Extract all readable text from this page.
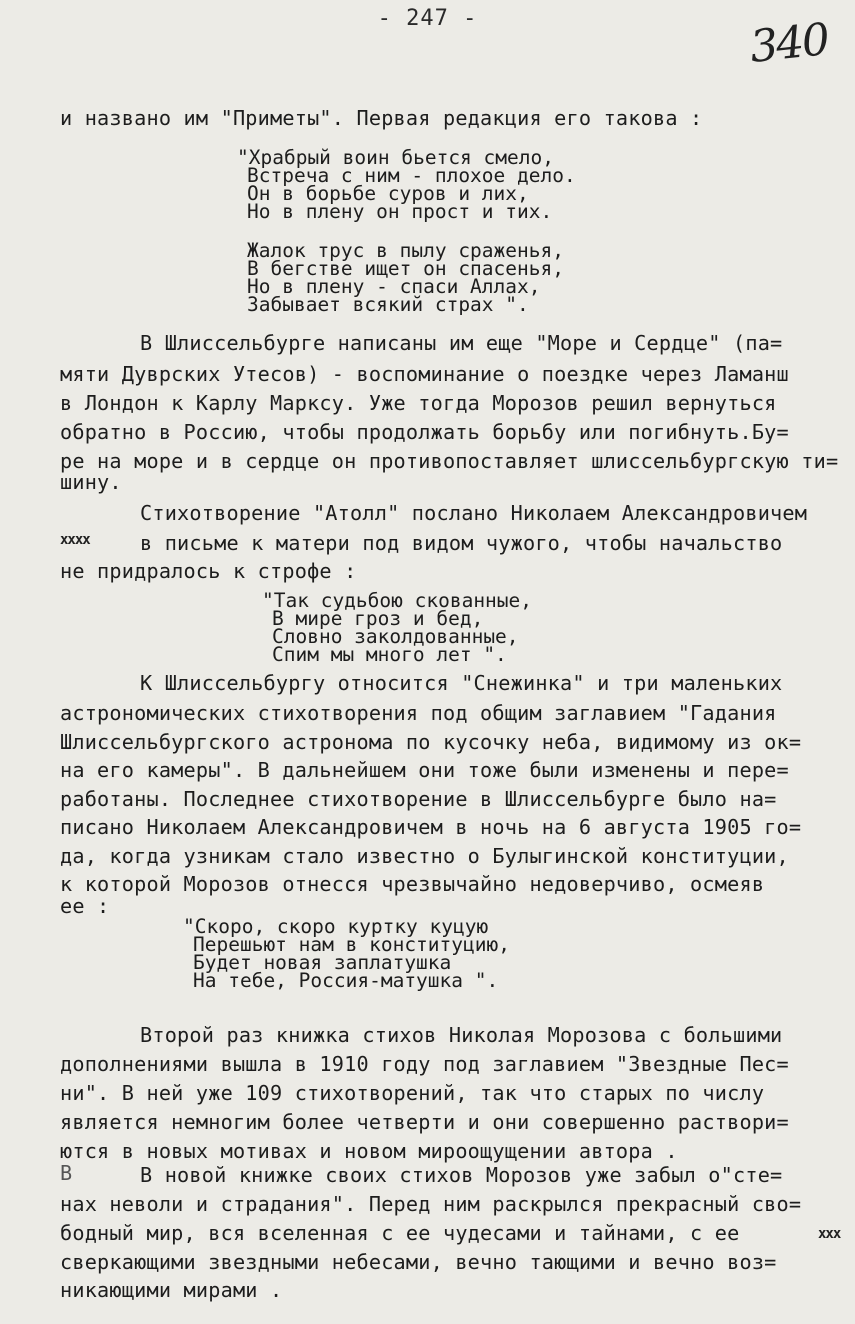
- 247 -	340
и названо им "Приметы". Первая редакция его такова :
"Храбрый воин бьется смело,
Встреча с ним - плохое дело.
Он в борьбе суров и лих,
Но в плену он прост и тих.
Жалок трус в пылу сраженья,
В бегстве ищет он спасенья,
Но в плену - спаси Аллах,
Забывает всякий страх ".
В Шлиссельбурге написаны им еще "Море и Сердце" (па=
мяти Дуврских Утесов) - воспоминание о поездке через Ламанш
в Лондон к Карлу Марксу. Уже тогда Морозов решил вернуться
обратно в Россию, чтобы продолжать борьбу или погибнуть.Бу=
ре на море и в сердце он противопоставляет шлиссельбургскую ти=
шину.
Стихотворение "Атолл" послано Николаем Александровичем
xxxx в письме к матери под видом чужого, чтобы начальство
не придралось к строфе :
"Так судьбою скованные,
В мире гроз и бед,
Словно заколдованные,
Спим мы много лет ".
К Шлиссельбургу относится "Снежинка" и три маленьких
астрономических стихотворения под общим заглавием "Гадания
Шлиссельбургского астронома по кусочку неба, видимому из ок=
на его камеры". В дальнейшем они тоже были изменены и пере=
работаны. Последнее стихотворение в Шлиссельбурге было на=
писано Николаем Александровичем в ночь на 6 августа 1905 го=
да, когда узникам стало известно о Булыгинской конституции,
к которой Морозов отнесся чрезвычайно недоверчиво, осмеяв
ее :
"Скоро, скоро куртку куцую
Перешьют нам в конституцию,
Будет новая заплатушка
На тебе, Россия-матушка ".
Второй раз книжка стихов Николая Морозова с большими
дополнениями вышла в 1910 году под заглавием "Звездные Пес=
ни". В ней уже 109 стихотворений, так что старых по числу
является немногим более четверти и они совершенно раствори=
ются в новых мотивах и новом мироощущении автора .
В	В новой книжке своих стихов Морозов уже забыл о"сте=
нах неволи и страдания". Перед ним раскрылся прекрасный сво=
бодный мир, вся вселенная с ее чудесами и тайнами, с ее	xxx
сверкающими звездными небесами, вечно тающими и вечно воз=
никающими мирами .
